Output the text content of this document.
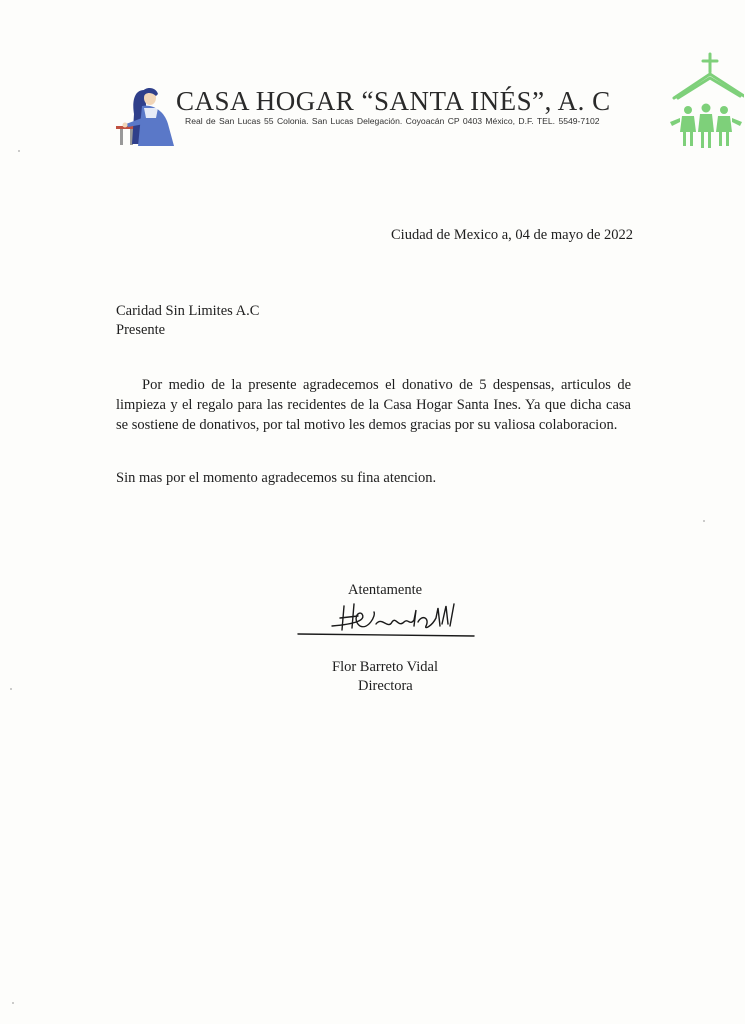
CASA HOGAR “SANTA INÉS”, A. C
Real de San Lucas 55 Colonia. San Lucas Delegación. Coyoacán CP 0403 México, D.F. TEL. 5549-7102
Ciudad de Mexico a, 04 de mayo de 2022
Caridad Sin Limites A.C
Presente
Por medio de la presente agradecemos el donativo de 5 despensas, articulos de limpieza y el regalo para las recidentes de la Casa Hogar Santa Ines. Ya que dicha casa se sostiene de donativos, por tal motivo les demos gracias por su valiosa colaboracion.
Sin mas por el momento agradecemos su fina atencion.
Atentamente
Flor Barreto Vidal
Directora
